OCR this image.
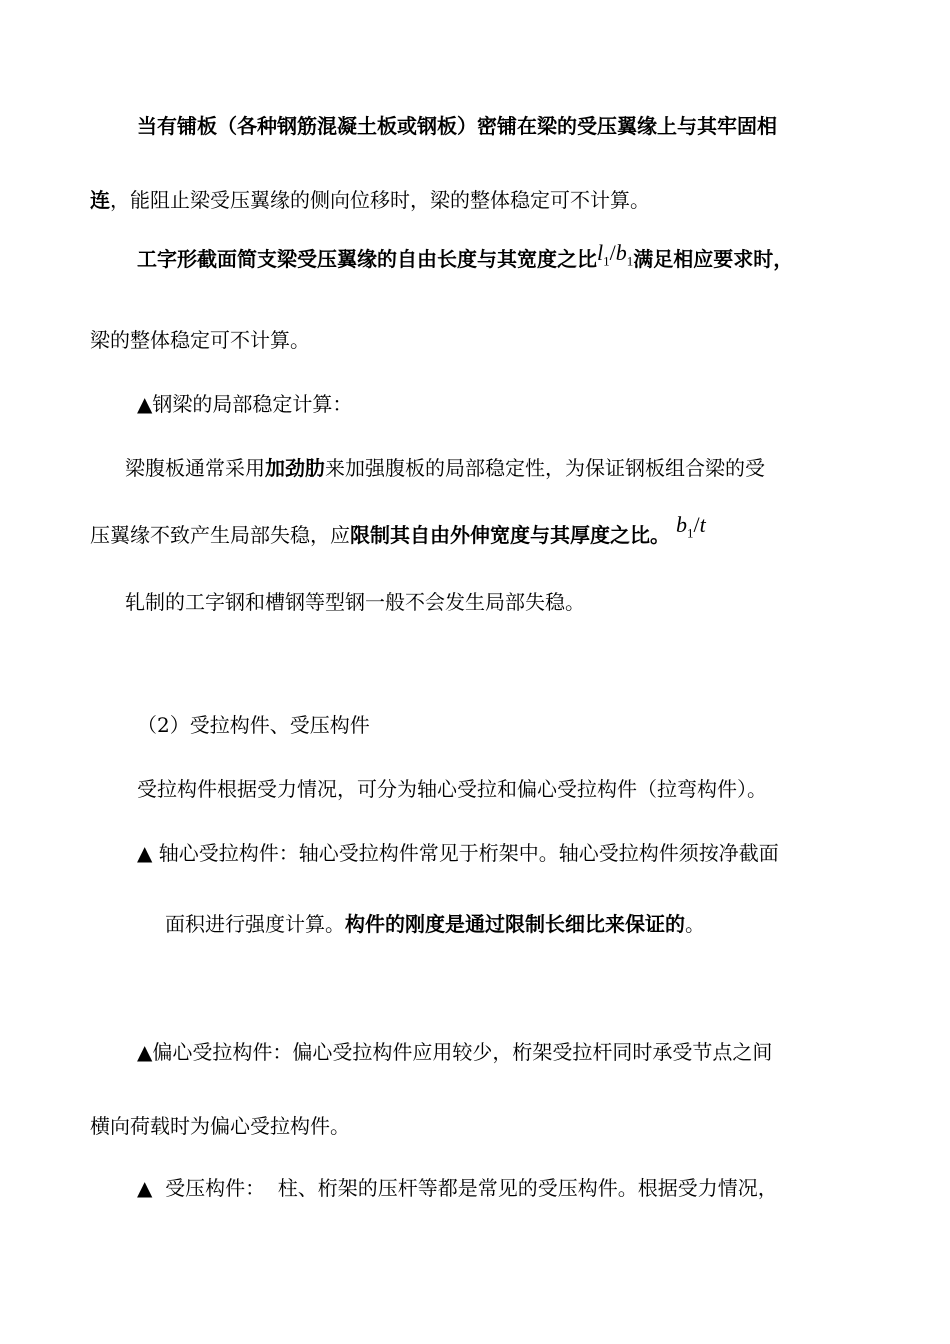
当有铺板（各种钢筋混凝土板或钢板）密铺在梁的受压翼缘上与其牢固相
连，能阻止梁受压翼缘的侧向位移时，梁的整体稳定可不计算。
工字形截面简支梁受压翼缘的自由长度与其宽度之比$l_1/b_1$满足相应要求时，
梁的整体稳定可不计算。
▲钢梁的局部稳定计算：
梁腹板通常采用加劲肋来加强腹板的局部稳定性，为保证钢板组合梁的受
压翼缘不致产生局部失稳，应限制其自由外伸宽度与其厚度之比。 $b_1/t$
轧制的工字钢和槽钢等型钢一般不会发生局部失稳。
（2）受拉构件、受压构件
受拉构件根据受力情况，可分为轴心受拉和偏心受拉构件（拉弯构件）。
▲ 轴心受拉构件：轴心受拉构件常见于桁架中。轴心受拉构件须按净截面
面积进行强度计算。构件的刚度是通过限制长细比来保证的。
▲偏心受拉构件：偏心受拉构件应用较少，桁架受拉杆同时承受节点之间
横向荷载时为偏心受拉构件。
▲  受压构件：  柱、桁架的压杆等都是常见的受压构件。根据受力情况，
